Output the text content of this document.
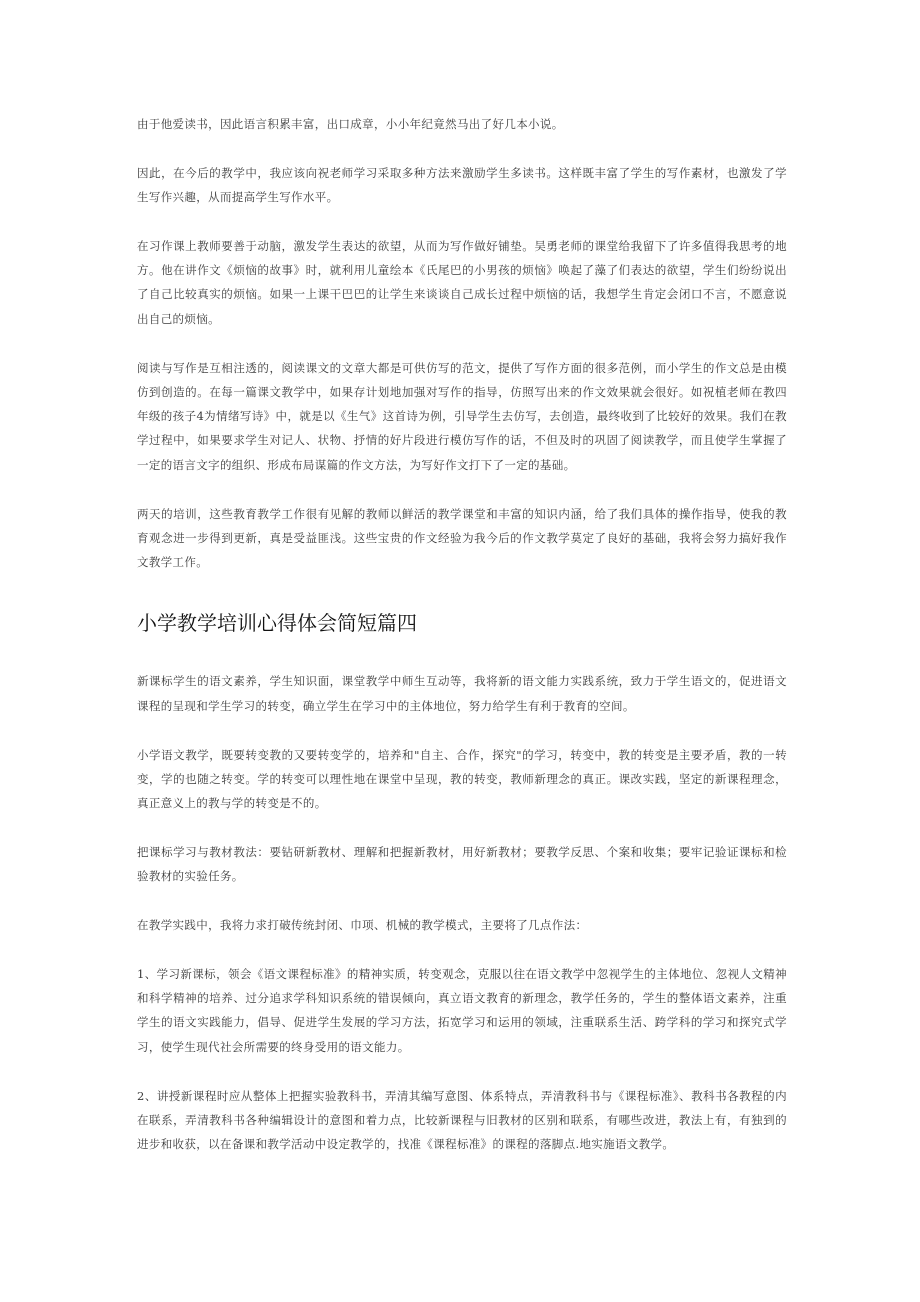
由于他爱读书，因此语言积累丰富，出口成章，小小年纪竟然马出了好几本小说。

因此，在今后的教学中，我应该向祝老师学习采取多种方法来激励学生多读书。这样既丰富了学生的写作素材，也激发了学生写作兴趣，从而提高学生写作水平。

在习作课上教师要善于动脑，激发学生表达的欲望，从而为写作做好铺垫。吴勇老师的课堂给我留下了许多值得我思考的地方。他在讲作文《烦恼的故事》时，就利用儿童绘本《氏尾巴的小男孩的烦恼》唤起了藻了们表达的欲望，学生们纷纷说出了自己比较真实的烦恼。如果一上课干巴巴的让学生来谈谈自己成长过程中烦恼的话，我想学生肯定会闭口不言，不愿意说出自己的烦恼。

阅读与写作是互相注透的，阅读课文的文章大都是可供仿写的范文，提供了写作方面的很多范例，而小学生的作文总是由模仿到创造的。在每一篇课文教学中，如果存计划地加强对写作的指导，仿照写出来的作文效果就会很好。如祝植老师在教四年级的孩子4为情绪写诗》中，就是以《生气》这首诗为例，引导学生去仿写，去创造，最终收到了比较好的效果。我们在教学过程中，如果要求学生对记人、状物、抒情的好片段进行模仿写作的话，不但及时的巩固了阅读教学，而且使学生掌握了一定的语言文字的组织、形成布局谋篇的作文方法，为写好作文打下了一定的基础。

两天的培训，这些教育教学工作很有见解的教师以鲜活的教学课堂和丰富的知识内涵，给了我们具体的操作指导，使我的教育观念进一步得到更新，真是受益匪浅。这些宝贵的作文经验为我今后的作文教学莫定了良好的基础，我将会努力搞好我作文教学工作。

小学教学培训心得体会简短篇四

新课标学生的语文素养，学生知识面，课堂教学中师生互动等，我将新的语文能力实践系统，致力于学生语文的，促进语文课程的呈现和学生学习的转变，确立学生在学习中的主体地位，努力给学生有利于教育的空间。

小学语文教学，既要转变教的又要转变学的，培养和"自主、合作，探究"的学习，转变中，教的转变是主要矛盾，教的一转变，学的也随之转变。学的转变可以理性地在课堂中呈现，教的转变，教师新理念的真正。课改实践，坚定的新课程理念，真正意义上的教与学的转变是不的。

把课标学习与教材教法：要钻研新教材、理解和把握新教材，用好新教材；要教学反思、个案和收集；要牢记验证课标和检验教材的实验任务。

在教学实践中，我将力求打破传统封闭、巾项、机械的教学模式，主要将了几点作法：

1、学习新课标，领会《语文课程标准》的精神实质，转变观念，克服以往在语文教学中忽视学生的主体地位、忽视人文精神和科学精神的培养、过分追求学科知识系统的错误倾向，真立语文教育的新理念，教学任务的，学生的整体语文素养，注重学生的语文实践能力，倡导、促进学生发展的学习方法，拓宽学习和运用的领域，注重联系生活、跨学科的学习和探究式学习，使学生现代社会所需要的终身受用的语文能力。

2、讲授新课程时应从整体上把握实验教科书，弄清其编写意图、体系特点，弄清教科书与《课程标准》、教科书各教程的内在联系，弄清教科书各种编辑设计的意图和着力点，比较新课程与旧教材的区别和联系，有哪些改进，教法上有，有独到的进步和收获，以在备课和教学活动中设定教学的，找准《课程标准》的课程的落脚点.地实施语文教学。
